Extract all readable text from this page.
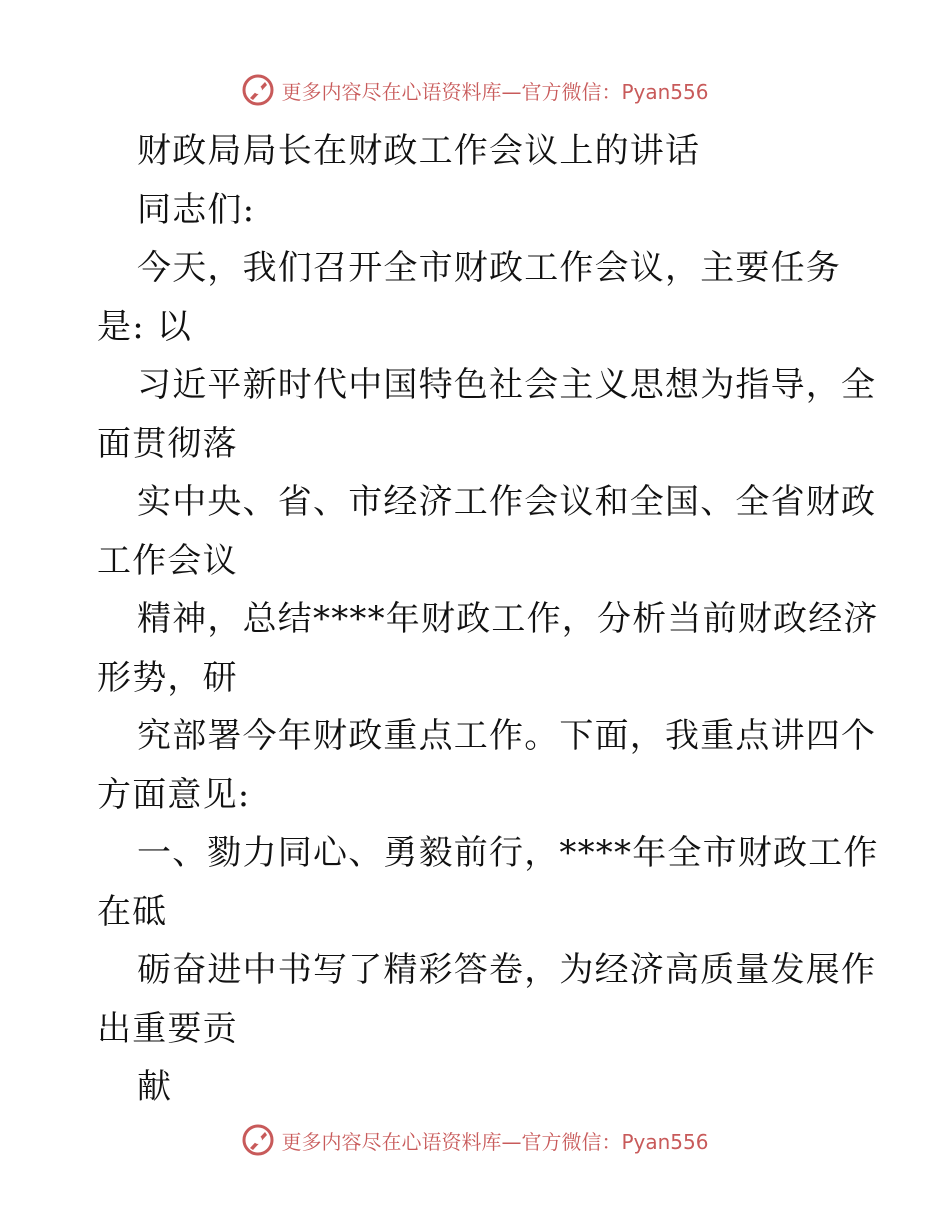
更多内容尽在心语资料库—官方微信：Pyan556
财政局局长在财政工作会议上的讲话
同志们:
今天，我们召开全市财政工作会议，主要任务
是: 以
习近平新时代中国特色社会主义思想为指导，全
面贯彻落
实中央、省、市经济工作会议和全国、全省财政
工作会议
精神，总结****年财政工作，分析当前财政经济
形势，研
究部署今年财政重点工作。下面，我重点讲四个
方面意见:
一、勠力同心、勇毅前行，****年全市财政工作
在砥
砺奋进中书写了精彩答卷，为经济高质量发展作
出重要贡
献
更多内容尽在心语资料库—官方微信：Pyan556
